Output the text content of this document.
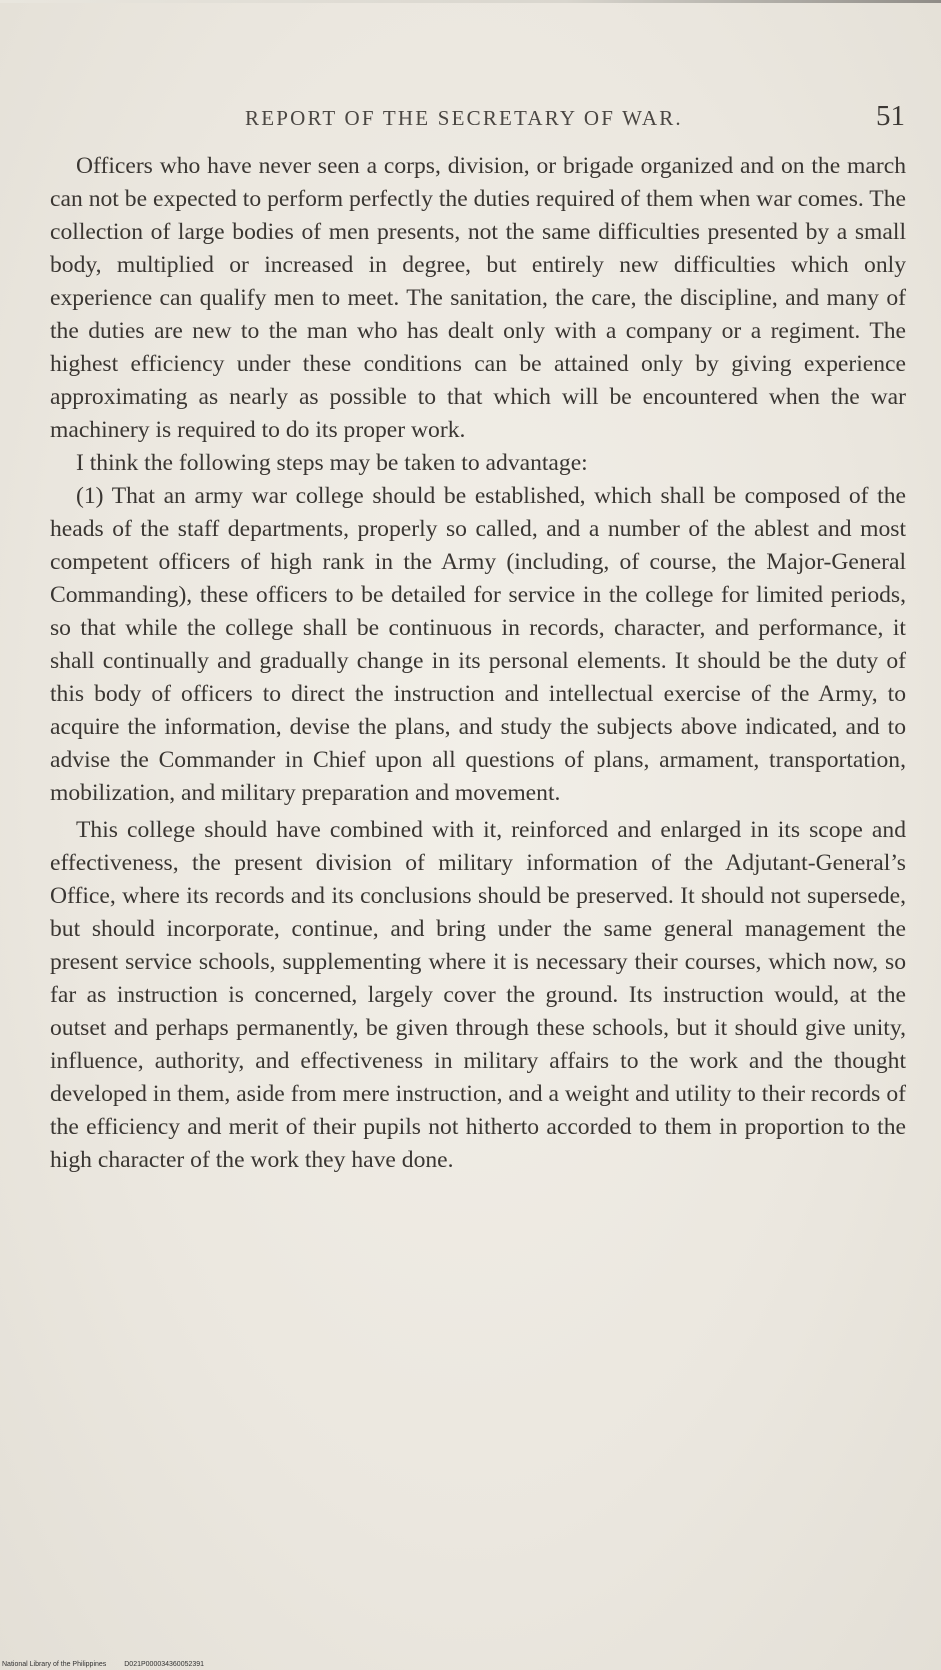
REPORT OF THE SECRETARY OF WAR.	51

Officers who have never seen a corps, division, or brigade organized and on the march can not be expected to perform perfectly the duties required of them when war comes. The collection of large bodies of men presents, not the same difficulties presented by a small body, multiplied or increased in degree, but entirely new difficulties which only experience can qualify men to meet. The sanitation, the care, the discipline, and many of the duties are new to the man who has dealt only with a company or a regiment. The highest efficiency under these conditions can be attained only by giving experience approximating as nearly as possible to that which will be encountered when the war machinery is required to do its proper work.

I think the following steps may be taken to advantage:

(1) That an army war college should be established, which shall be composed of the heads of the staff departments, properly so called, and a number of the ablest and most competent officers of high rank in the Army (including, of course, the Major-General Commanding), these officers to be detailed for service in the college for limited periods, so that while the college shall be continuous in records, character, and performance, it shall continually and gradually change in its personal elements. It should be the duty of this body of officers to direct the instruction and intellectual exercise of the Army, to acquire the information, devise the plans, and study the subjects above indicated, and to advise the Commander in Chief upon all questions of plans, armament, transportation, mobilization, and military preparation and movement.

This college should have combined with it, reinforced and enlarged in its scope and effectiveness, the present division of military information of the Adjutant-General’s Office, where its records and its conclusions should be preserved. It should not supersede, but should incorporate, continue, and bring under the same general management the present service schools, supplementing where it is necessary their courses, which now, so far as instruction is concerned, largely cover the ground. Its instruction would, at the outset and perhaps permanently, be given through these schools, but it should give unity, influence, authority, and effectiveness in military affairs to the work and the thought developed in them, aside from mere instruction, and a weight and utility to their records of the efficiency and merit of their pupils not hitherto accorded to them in proportion to the high character of the work they have done.

National Library of the Philippines	D021P000034360052391
